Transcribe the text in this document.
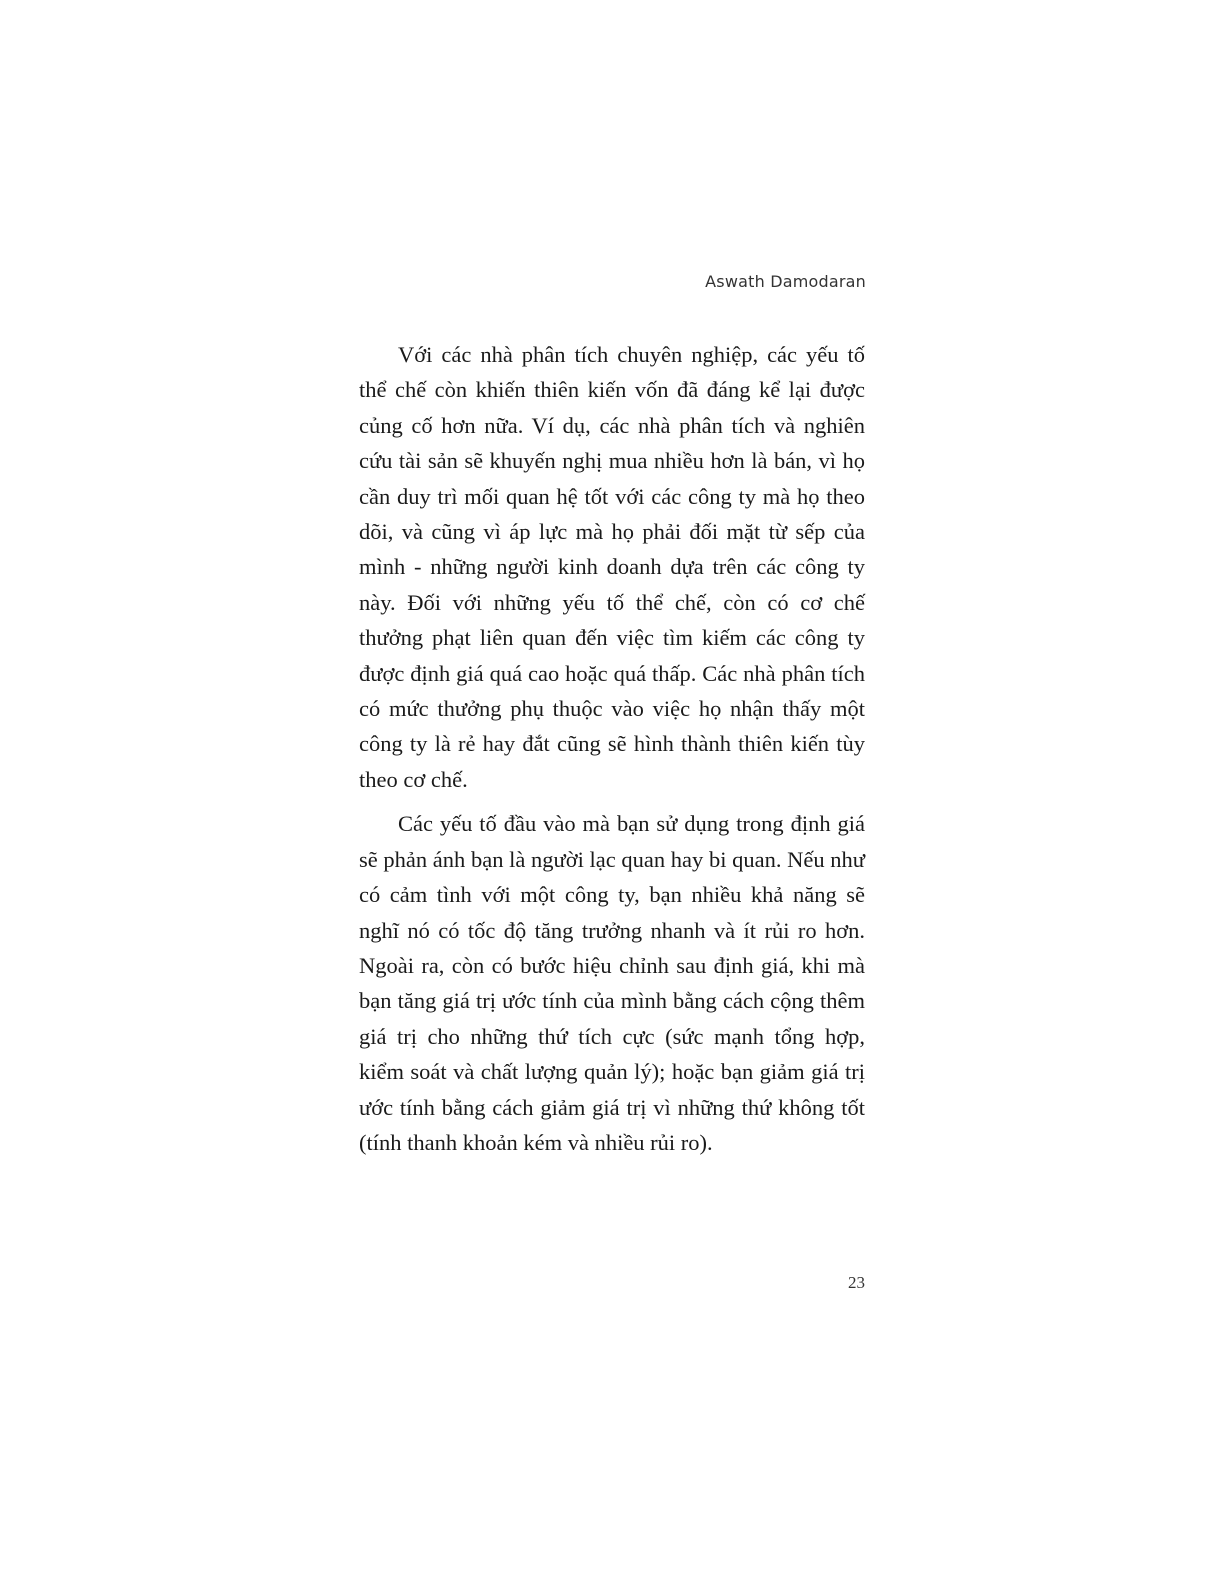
Aswath Damodaran

Với các nhà phân tích chuyên nghiệp, các yếu tố thể chế còn khiến thiên kiến vốn đã đáng kể lại được củng cố hơn nữa. Ví dụ, các nhà phân tích và nghiên cứu tài sản sẽ khuyến nghị mua nhiều hơn là bán, vì họ cần duy trì mối quan hệ tốt với các công ty mà họ theo dõi, và cũng vì áp lực mà họ phải đối mặt từ sếp của mình - những người kinh doanh dựa trên các công ty này. Đối với những yếu tố thể chế, còn có cơ chế thưởng phạt liên quan đến việc tìm kiếm các công ty được định giá quá cao hoặc quá thấp. Các nhà phân tích có mức thưởng phụ thuộc vào việc họ nhận thấy một công ty là rẻ hay đắt cũng sẽ hình thành thiên kiến tùy theo cơ chế.

Các yếu tố đầu vào mà bạn sử dụng trong định giá sẽ phản ánh bạn là người lạc quan hay bi quan. Nếu như có cảm tình với một công ty, bạn nhiều khả năng sẽ nghĩ nó có tốc độ tăng trưởng nhanh và ít rủi ro hơn. Ngoài ra, còn có bước hiệu chỉnh sau định giá, khi mà bạn tăng giá trị ước tính của mình bằng cách cộng thêm giá trị cho những thứ tích cực (sức mạnh tổng hợp, kiểm soát và chất lượng quản lý); hoặc bạn giảm giá trị ước tính bằng cách giảm giá trị vì những thứ không tốt (tính thanh khoản kém và nhiều rủi ro).

23
